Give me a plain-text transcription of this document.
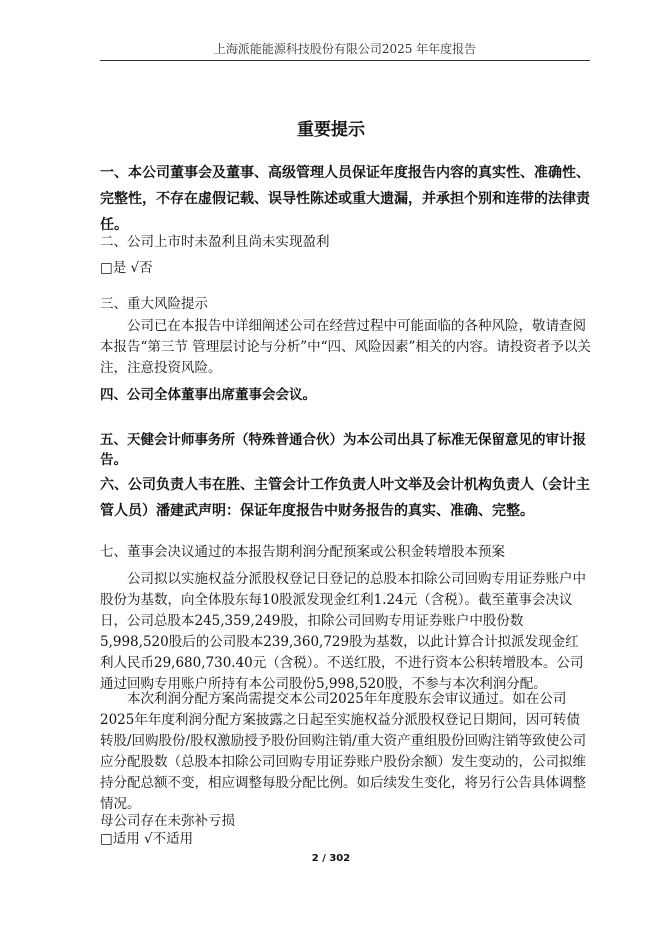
上海派能能源科技股份有限公司2025 年年度报告
重要提示
一、本公司董事会及董事、高级管理人员保证年度报告内容的真实性、准确性、完整性，不存在虚假记载、误导性陈述或重大遗漏，并承担个别和连带的法律责任。
二、公司上市时未盈利且尚未实现盈利
□是 √否
三、重大风险提示
公司已在本报告中详细阐述公司在经营过程中可能面临的各种风险，敬请查阅本报告“第三节 管理层讨论与分析”中“四、风险因素”相关的内容。请投资者予以关注，注意投资风险。
四、公司全体董事出席董事会会议。
五、天健会计师事务所（特殊普通合伙）为本公司出具了标准无保留意见的审计报告。
六、公司负责人韦在胜、主管会计工作负责人叶文举及会计机构负责人（会计主管人员）潘建武声明：保证年度报告中财务报告的真实、准确、完整。
七、董事会决议通过的本报告期利润分配预案或公积金转增股本预案
公司拟以实施权益分派股权登记日登记的总股本扣除公司回购专用证券账户中股份为基数，向全体股东每10股派发现金红利1.24元（含税）。截至董事会决议日，公司总股本245,359,249股，扣除公司回购专用证券账户中股份数5,998,520股后的公司股本239,360,729股为基数，以此计算合计拟派发现金红利人民币29,680,730.40元（含税）。不送红股，不进行资本公积转增股本。公司通过回购专用账户所持有本公司股份5,998,520股，不参与本次利润分配。
本次利润分配方案尚需提交本公司2025年年度股东会审议通过。如在公司2025年年度利润分配方案披露之日起至实施权益分派股权登记日期间，因可转债转股/回购股份/股权激励授予股份回购注销/重大资产重组股份回购注销等致使公司应分配股数（总股本扣除公司回购专用证券账户股份余额）发生变动的，公司拟维持分配总额不变，相应调整每股分配比例。如后续发生变化，将另行公告具体调整情况。
母公司存在未弥补亏损
□适用 √不适用
2 / 302
